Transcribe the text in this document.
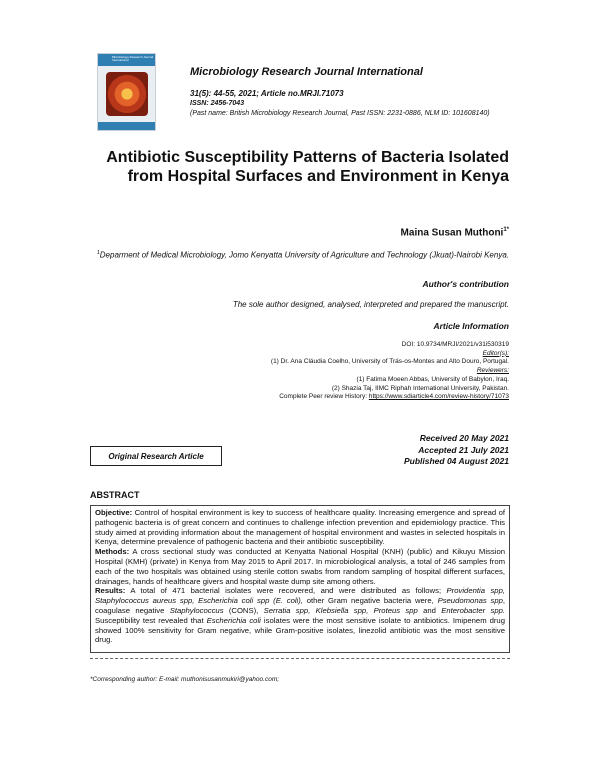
Microbiology Research Journal International
Microbiology Research Journal International
31(5): 44-55, 2021; Article no.MRJI.71073
ISSN: 2456-7043
(Past name: British Microbiology Research Journal, Past ISSN: 2231-0886, NLM ID: 101608140)
Antibiotic Susceptibility Patterns of Bacteria Isolated from Hospital Surfaces and Environment in Kenya
Maina Susan Muthoni$^{1*}$
$^1$Deparment of Medical Microbiology, Jomo Kenyatta University of Agriculture and Technology (Jkuat)-Nairobi Kenya.
Author's contribution
The sole author designed, analysed, interpreted and prepared the manuscript.
Article Information
DOI: 10.9734/MRJI/2021/v31i530319
Editor(s):
(1) Dr. Ana Cláudia Coelho, University of Trás-os-Montes and Alto Douro, Portugal.
Reviewers:
(1) Fatima Moeen Abbas, University of Babylon, Iraq.
(2) Shazia Taj, IIMC Riphah International University, Pakistan.
Complete Peer review History: https://www.sdiarticle4.com/review-history/71073
Original Research Article
Received 20 May 2021
Accepted 21 July 2021
Published 04 August 2021
ABSTRACT

Objective: Control of hospital environment is key to success of healthcare quality. Increasing emergence and spread of pathogenic bacteria is of great concern and continues to challenge infection prevention and epidemiology practice. This study aimed at providing information about the management of hospital environment and wastes in selected hospitals in Kenya, determine prevalence of pathogenic bacteria and their antibiotic susceptibility.

Methods: A cross sectional study was conducted at Kenyatta National Hospital (KNH) (public) and Kikuyu Mission Hospital (KMH) (private) in Kenya from May 2015 to April 2017. In microbiological analysis, a total of 246 samples from each of the two hospitals was obtained using sterile cotton swabs from random sampling of hospital different surfaces, drainages, hands of healthcare givers and hospital waste dump site among others.

Results: A total of 471 bacterial isolates were recovered, and were distributed as follows; Providentia spp, Staphylococcus aureus spp, Escherichia coli spp (E. coli), other Gram negative bacteria were, Pseudomonas spp, coagulase negative Staphylococcus (CONS), Serratia spp, Klebsiella spp, Proteus spp and Enterobacter spp. Susceptibility test revealed that Escherichia coli isolates were the most sensitive isolate to antibiotics. Imipenem drug showed 100% sensitivity for Gram negative, while Gram-positive isolates, linezolid antibiotic was the most sensitive drug.

*Corresponding author: E-mail: muthonisusanmukiri@yahoo.com;
